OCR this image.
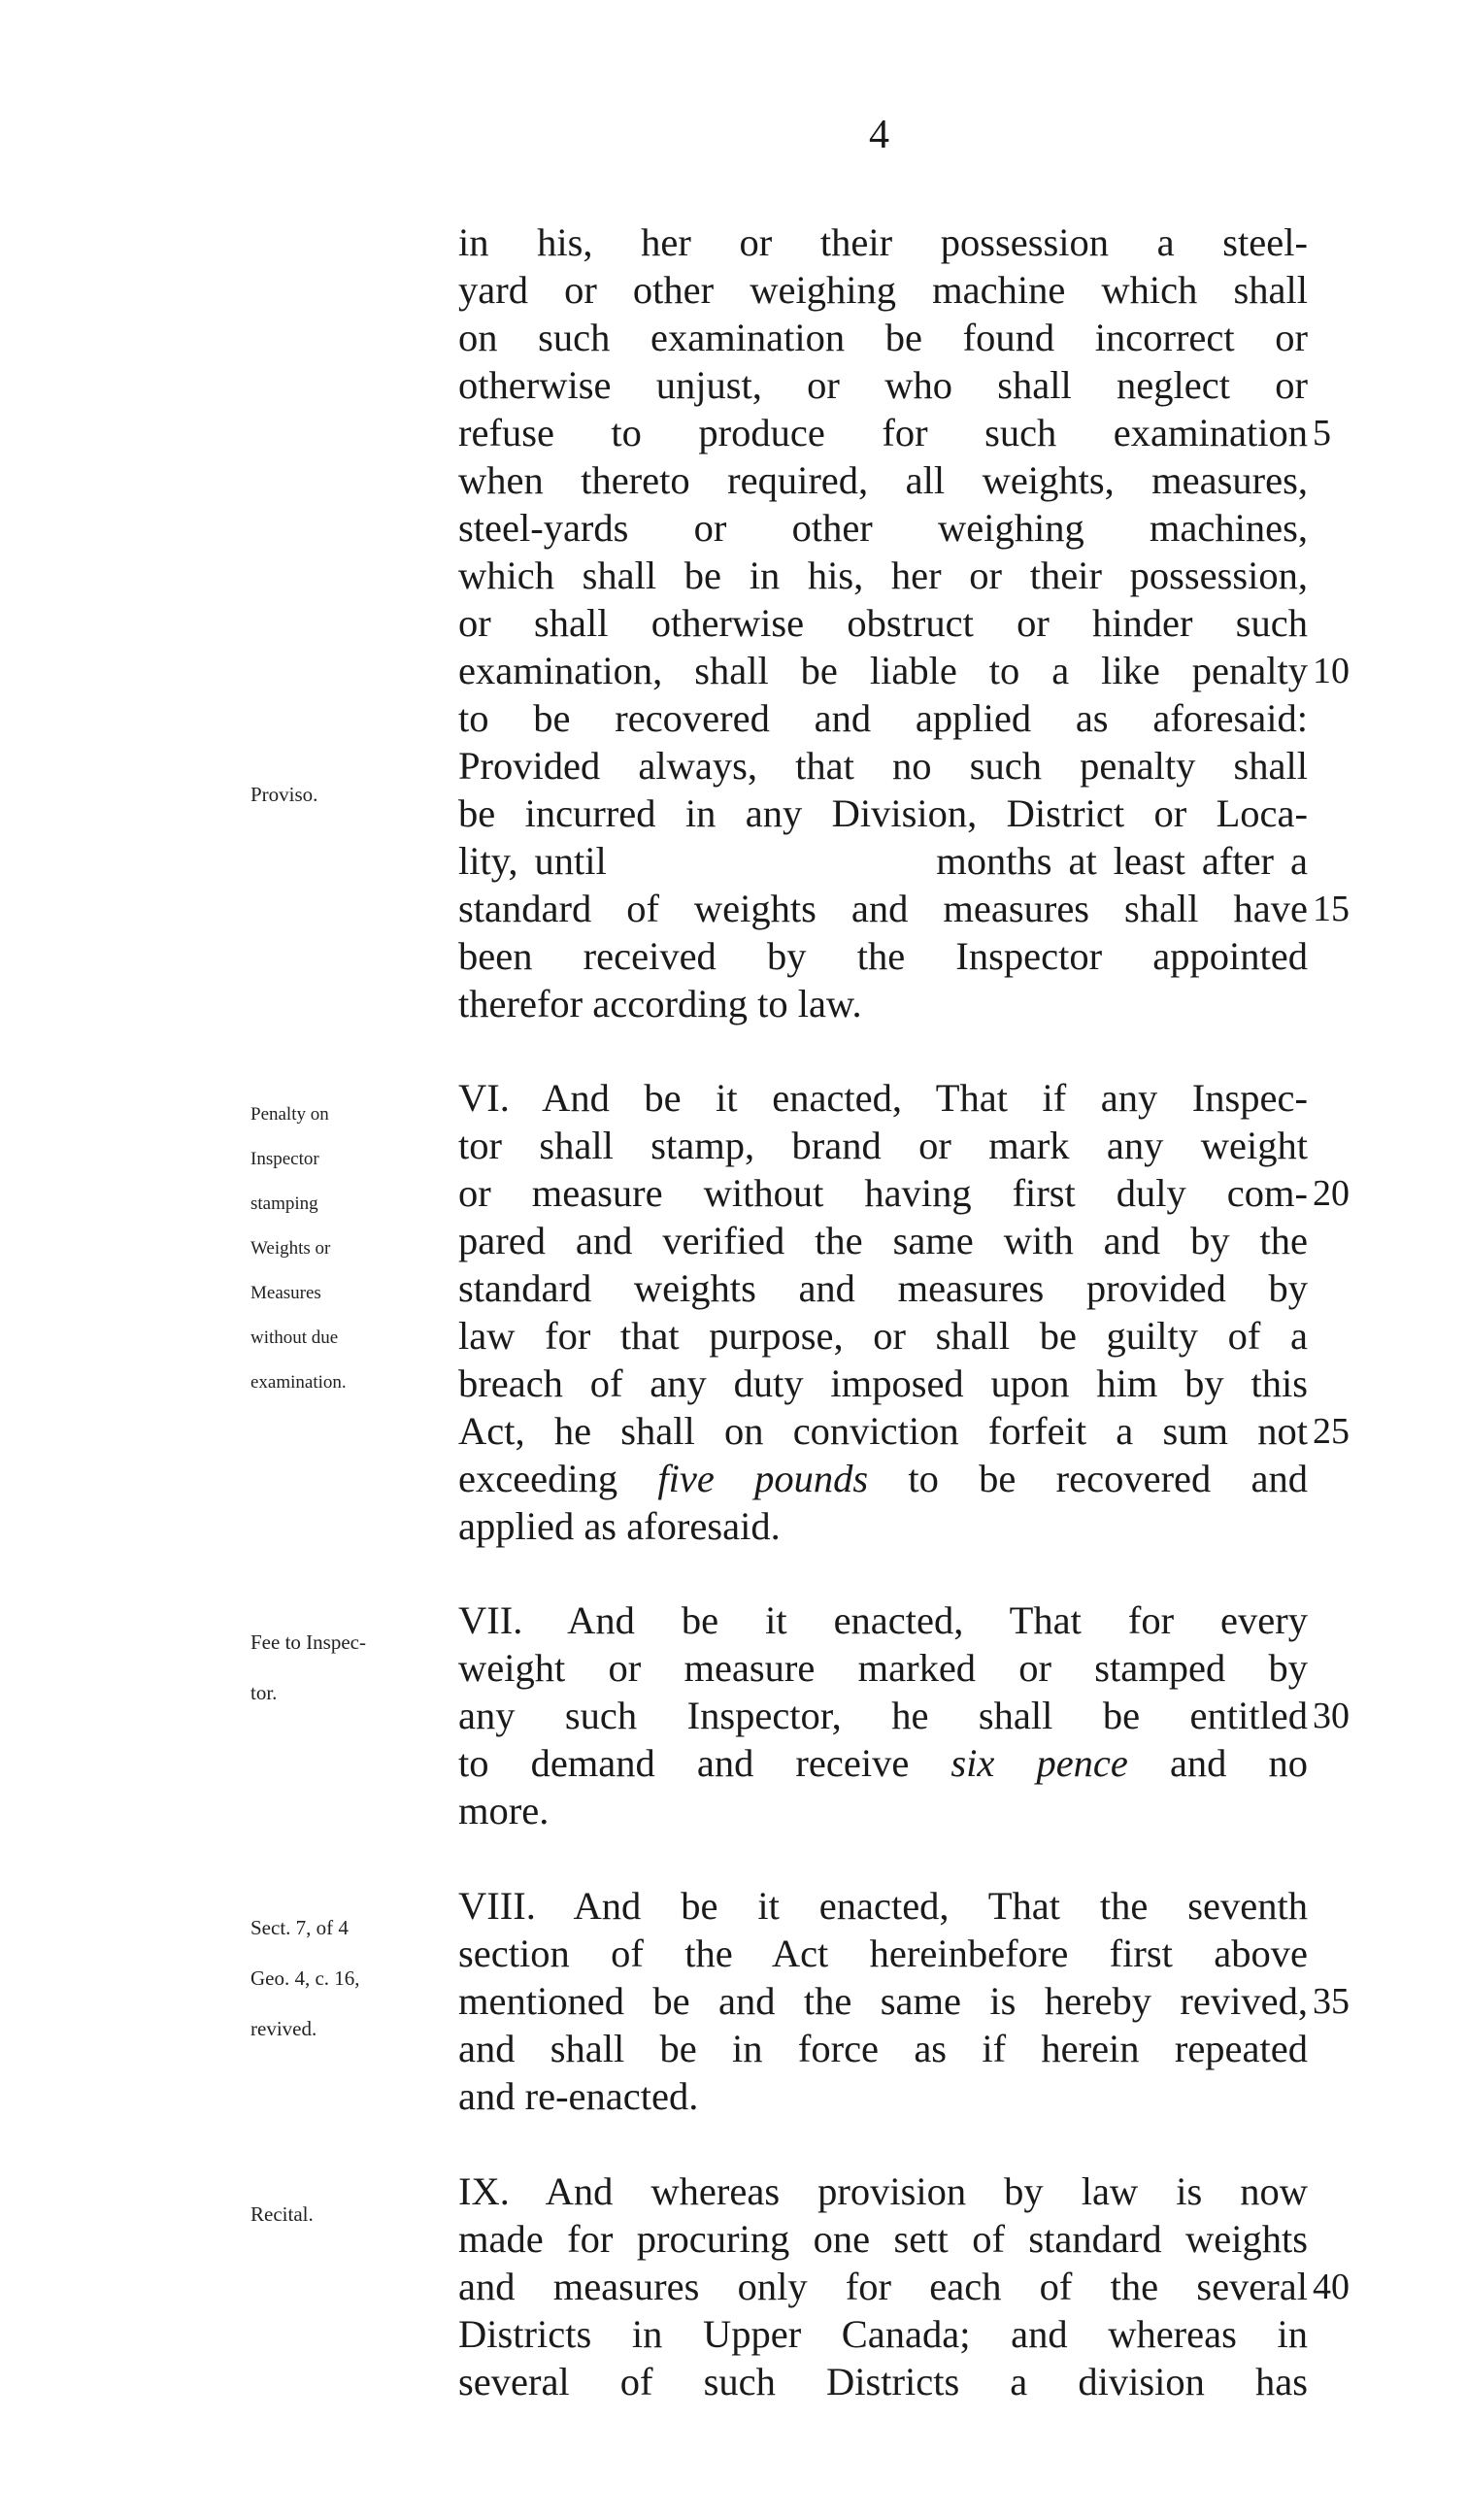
4
in his, her or their possession a steel-
yard or other weighing machine which shall
on such examination be found incorrect or
otherwise unjust, or who shall neglect or
refuse to produce for such examination
when thereto required, all weights, measures,
steel-yards or other weighing machines,
which shall be in his, her or their possession,
or shall otherwise obstruct or hinder such
examination, shall be liable to a like penalty
to be recovered and applied as aforesaid:
Provided always, that no such penalty shall
be incurred in any Division, District or Loca-
lity, until                    months at least after a
standard of weights and measures shall have
been received by the Inspector appointed
therefor according to law.
VI. And be it enacted, That if any Inspec-
tor shall stamp, brand or mark any weight
or measure without having first duly com-
pared and verified the same with and by the
standard weights and measures provided by
law for that purpose, or shall be guilty of a
breach of any duty imposed upon him by this
Act, he shall on conviction forfeit a sum not
exceeding five pounds to be recovered and
applied as aforesaid.
VII. And be it enacted, That for every
weight or measure marked or stamped by
any such Inspector, he shall be entitled
to demand and receive six pence and no
more.
VIII. And be it enacted, That the seventh
section of the Act hereinbefore first above
mentioned be and the same is hereby revived,
and shall be in force as if herein repeated
and re-enacted.
IX. And whereas provision by law is now
made for procuring one sett of standard weights
and measures only for each of the several
Districts in Upper Canada; and whereas in
several of such Districts a division has
5
10
15
20
25
30
35
40

Proviso.

Penalty on

Inspector

stamping

Weights or

Measures

without due

examination.

Fee to Inspec-

tor.

Sect. 7, of 4

Geo. 4, c. 16,

revived.

Recital.
